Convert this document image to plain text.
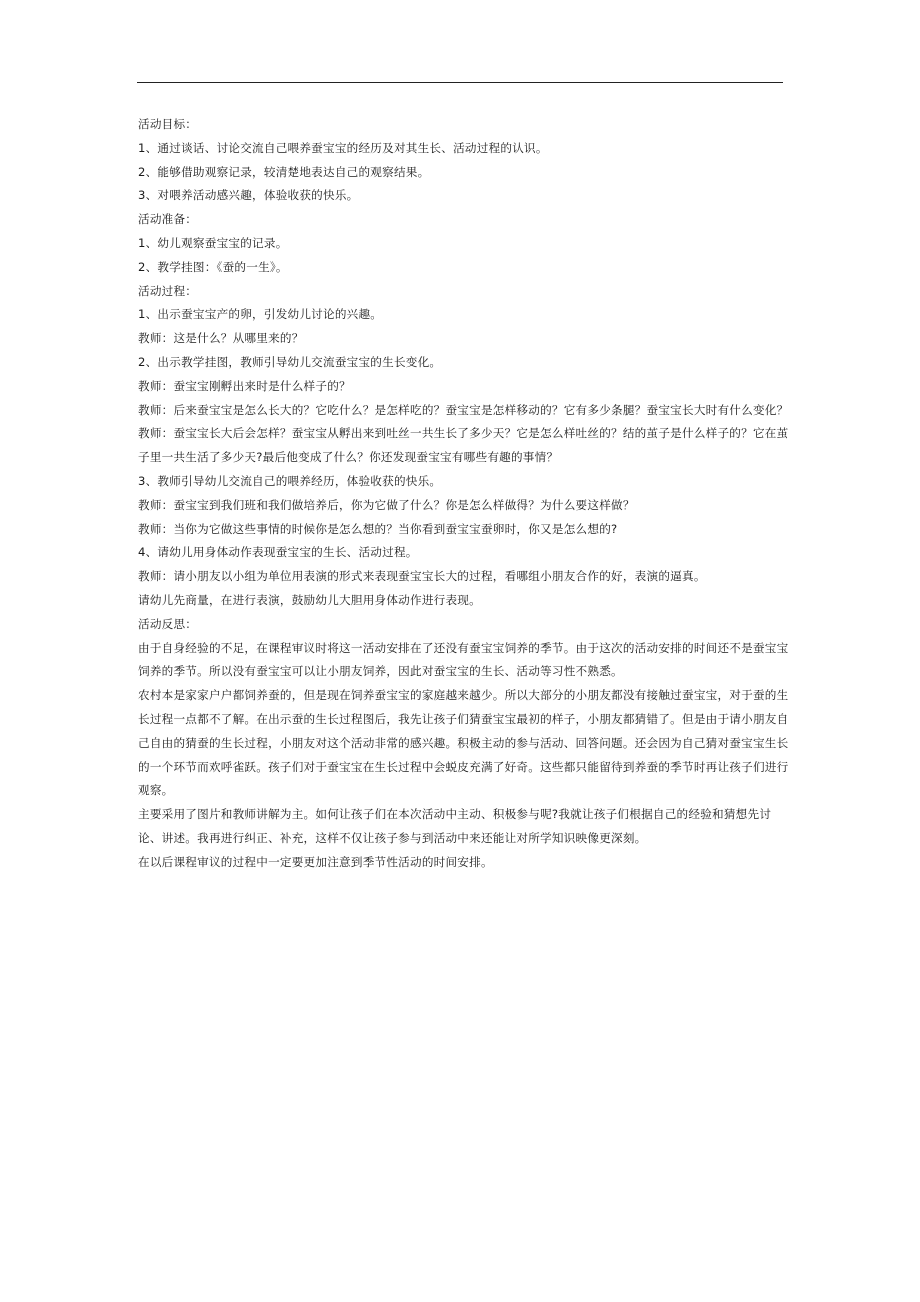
活动目标：

1、通过谈话、讨论交流自己喂养蚕宝宝的经历及对其生长、活动过程的认识。

2、能够借助观察记录，较清楚地表达自己的观察结果。

3、对喂养活动感兴趣，体验收获的快乐。

活动准备：

1、幼儿观察蚕宝宝的记录。

2、教学挂图：《蚕的一生》。

活动过程：

1、出示蚕宝宝产的卵，引发幼儿讨论的兴趣。

教师：这是什么？从哪里来的？

2、出示教学挂图，教师引导幼儿交流蚕宝宝的生长变化。

教师：蚕宝宝刚孵出来时是什么样子的？

教师：后来蚕宝宝是怎么长大的？它吃什么？是怎样吃的？蚕宝宝是怎样移动的？它有多少条腿？蚕宝宝长大时有什么变化？

教师：蚕宝宝长大后会怎样？蚕宝宝从孵出来到吐丝一共生长了多少天？它是怎么样吐丝的？结的茧子是什么样子的？它在茧子里一共生活了多少天?最后他变成了什么？你还发现蚕宝宝有哪些有趣的事情？

3、教师引导幼儿交流自己的喂养经历，体验收获的快乐。

教师：蚕宝宝到我们班和我们做培养后，你为它做了什么？你是怎么样做得？为什么要这样做？

教师：当你为它做这些事情的时候你是怎么想的？当你看到蚕宝宝蚕卵时，你又是怎么想的?

4、请幼儿用身体动作表现蚕宝宝的生长、活动过程。

教师：请小朋友以小组为单位用表演的形式来表现蚕宝宝长大的过程，看哪组小朋友合作的好，表演的逼真。

请幼儿先商量，在进行表演，鼓励幼儿大胆用身体动作进行表现。

活动反思：

由于自身经验的不足，在课程审议时将这一活动安排在了还没有蚕宝宝饲养的季节。由于这次的活动安排的时间还不是蚕宝宝饲养的季节。所以没有蚕宝宝可以让小朋友饲养，因此对蚕宝宝的生长、活动等习性不熟悉。

农村本是家家户户都饲养蚕的，但是现在饲养蚕宝宝的家庭越来越少。所以大部分的小朋友都没有接触过蚕宝宝，对于蚕的生长过程一点都不了解。在出示蚕的生长过程图后，我先让孩子们猜蚕宝宝最初的样子，小朋友都猜错了。但是由于请小朋友自己自由的猜蚕的生长过程，小朋友对这个活动非常的感兴趣。积极主动的参与活动、回答问题。还会因为自己猜对蚕宝宝生长的一个环节而欢呼雀跃。孩子们对于蚕宝宝在生长过程中会蜕皮充满了好奇。这些都只能留待到养蚕的季节时再让孩子们进行观察。

主要采用了图片和教师讲解为主。如何让孩子们在本次活动中主动、积极参与呢?我就让孩子们根据自己的经验和猜想先讨论、讲述。我再进行纠正、补充，这样不仅让孩子参与到活动中来还能让对所学知识映像更深刻。

在以后课程审议的过程中一定要更加注意到季节性活动的时间安排。
